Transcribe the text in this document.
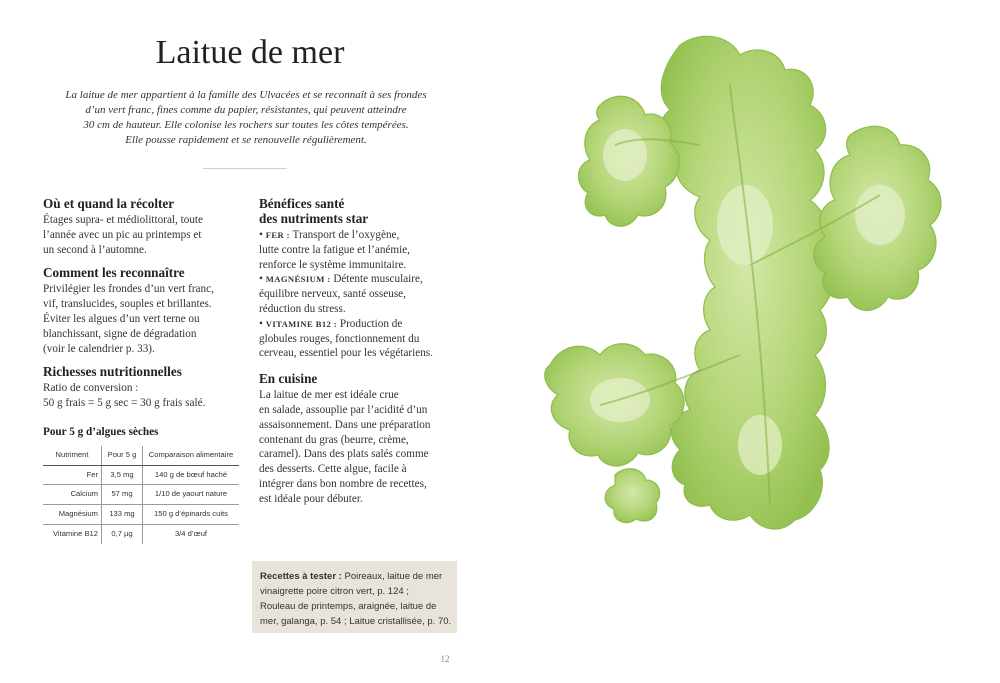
Laitue de mer
La laitue de mer appartient à la famille des Ulvacées et se reconnaît à ses frondes
d’un vert franc, fines comme du papier, résistantes, qui peuvent atteindre
30 cm de hauteur. Elle colonise les rochers sur toutes les côtes tempérées.
Elle pousse rapidement et se renouvelle régulièrement.
Où et quand la récolter
Étages supra- et médiolittoral, toute
l’année avec un pic au printemps et
un second à l’automne.
Comment les reconnaître
Privilégier les frondes d’un vert franc,
vif, translucides, souples et brillantes.
Éviter les algues d’un vert terne ou
blanchissant, signe de dégradation
(voir le calendrier p. 33).
Richesses nutritionnelles
Ratio de conversion :
50 g frais = 5 g sec = 30 g frais salé.
Pour 5 g d’algues sèches
Nutriment	Pour 5 g	Comparaison alimentaire
Fer	3,5 mg	140 g de bœuf haché
Calcium	57 mg	1/10 de yaourt nature
Magnésium	133 mg	150 g d’épinards cuits
Vitamine B12	0,7 µg	3/4 d’œuf
Bénéfices santé
des nutriments star
• FER : Transport de l’oxygène,
lutte contre la fatigue et l’anémie,
renforce le système immunitaire.
• MAGNÉSIUM : Détente musculaire,
équilibre nerveux, santé osseuse,
réduction du stress.
• VITAMINE B12 : Production de
globules rouges, fonctionnement du
cerveau, essentiel pour les végétariens.
En cuisine
La laitue de mer est idéale crue
en salade, assouplie par l’acidité d’un
assaisonnement. Dans une préparation
contenant du gras (beurre, crème,
caramel). Dans des plats salés comme
des desserts. Cette algue, facile à
intégrer dans bon nombre de recettes,
est idéale pour débuter.
Recettes à tester : Poireaux, laitue de mer
vinaigrette poire citron vert, p. 124 ;
Rouleau de printemps, araignée, laitue de
mer, galanga, p. 54 ; Laitue cristallisée, p. 70.
12
